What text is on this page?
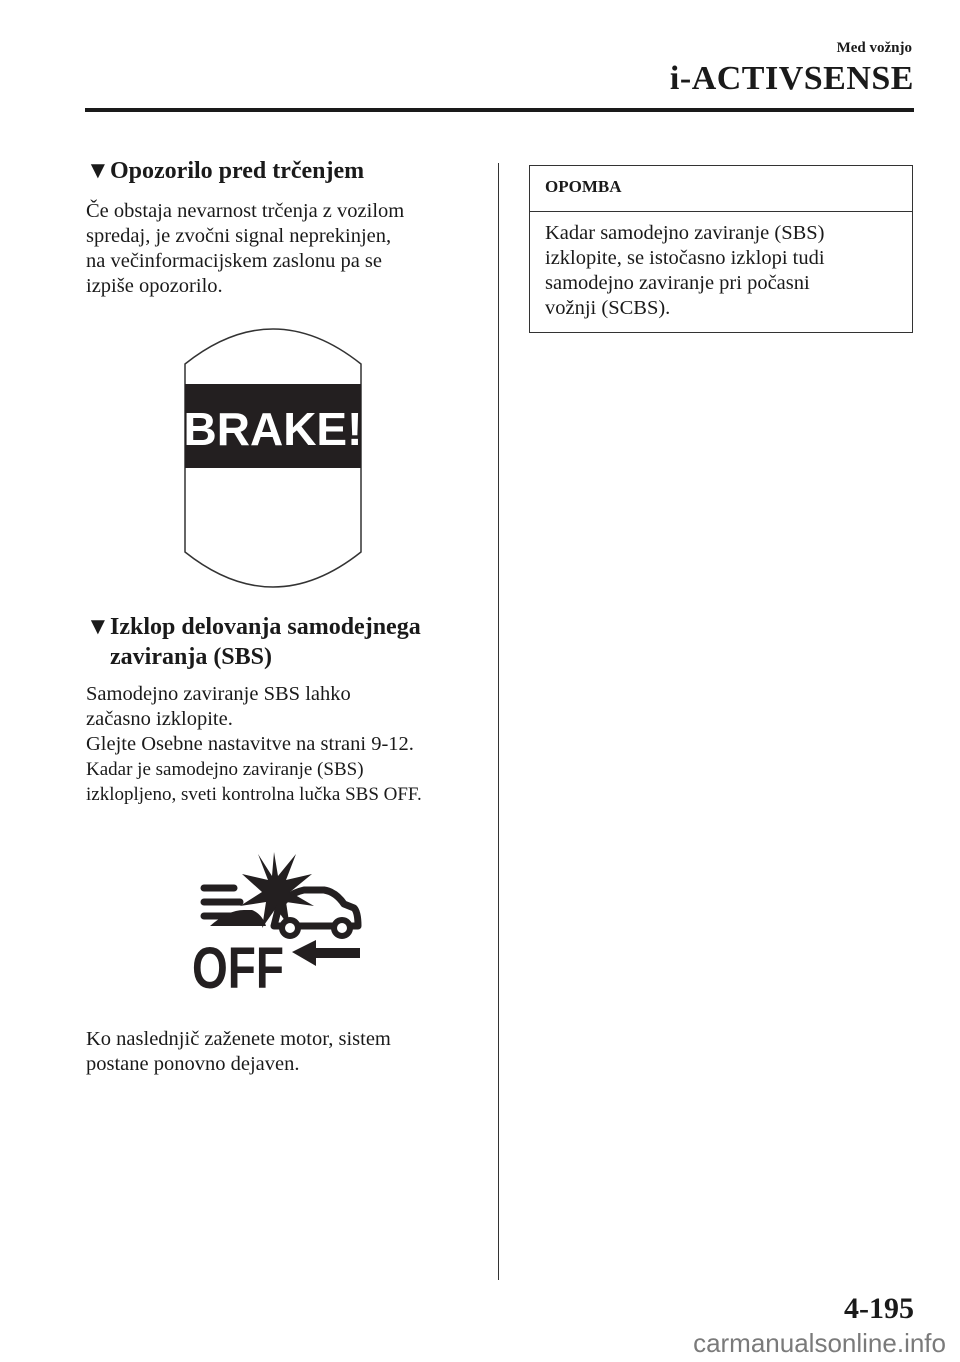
Med vožnjo
i-ACTIVSENSE
▼Opozorilo pred trčenjem

Če obstaja nevarnost trčenja z vozilom

spredaj, je zvočni signal neprekinjen,

na večinformacijskem zaslonu pa se

izpiše opozorilo.

BRAKE!
▼Izklop delovanja samodejnega
zaviranja (SBS)

Samodejno zaviranje SBS lahko

začasno izklopite.

Glejte Osebne nastavitve na strani 9-12.

Kadar je samodejno zaviranje (SBS)

izklopljeno, sveti kontrolna lučka SBS OFF.

OFF

Ko naslednjič zaženete motor, sistem

postane ponovno dejaven.

OPOMBA
Kadar samodejno zaviranje (SBS)
izklopite, se istočasno izklopi tudi
samodejno zaviranje pri počasni
vožnji (SCBS).
4-195
carmanualsonline.info
